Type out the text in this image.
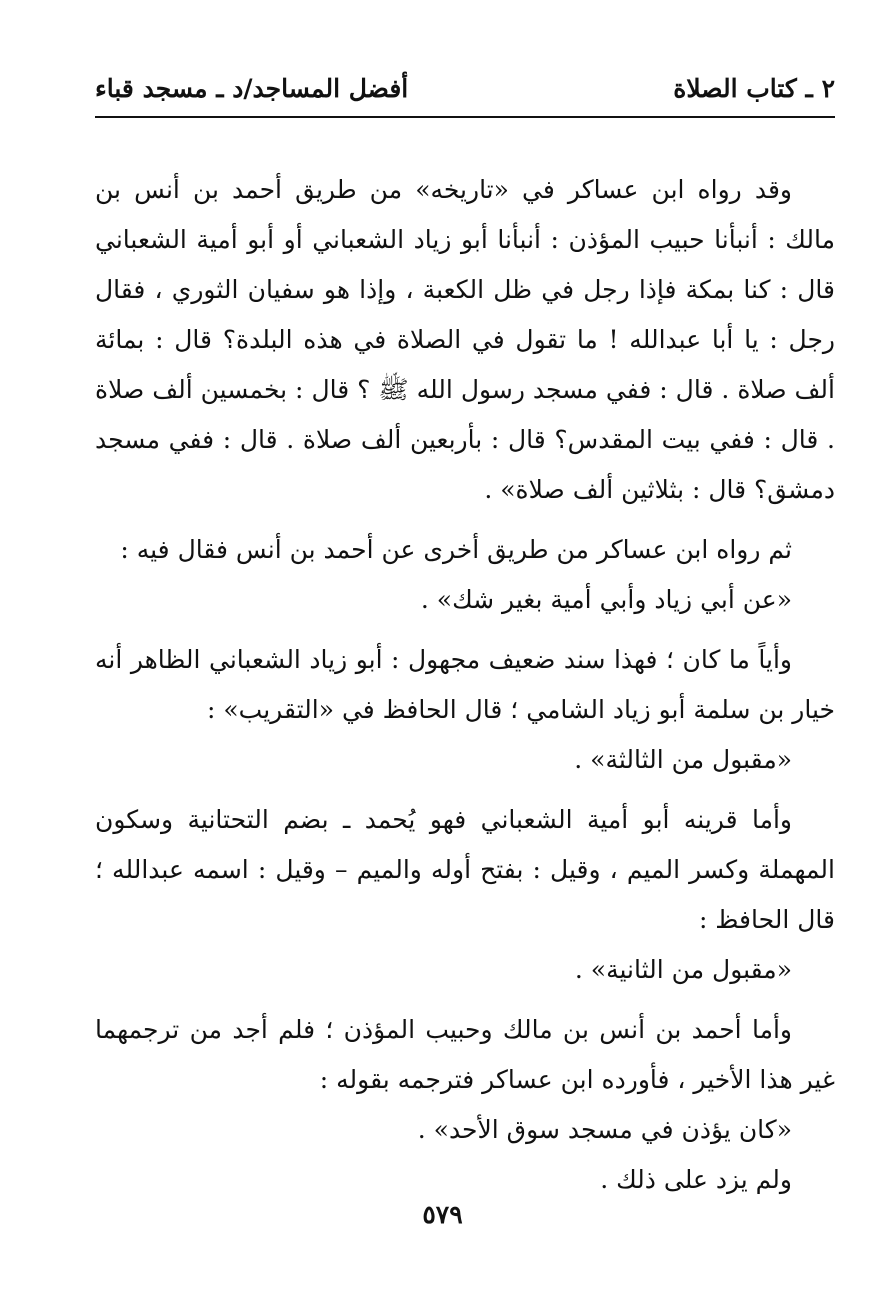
٢ ـ كتاب الصلاة
أفضل المساجد/د ـ مسجد قباء

وقد رواه ابن عساكر في «تاريخه» من طريق أحمد بن أنس بن مالك : أنبأنا حبيب المؤذن : أنبأنا أبو زياد الشعباني أو أبو أمية الشعباني قال : كنا بمكة فإذا رجل في ظل الكعبة ، وإذا هو سفيان الثوري ، فقال رجل : يا أبا عبدالله ! ما تقول في الصلاة في هذه البلدة؟ قال : بمائة ألف صلاة . قال : ففي مسجد رسول الله ﷺ ؟ قال : بخمسين ألف صلاة . قال : ففي بيت المقدس؟ قال : بأربعين ألف صلاة . قال : ففي مسجد دمشق؟ قال : بثلاثين ألف صلاة» .

ثم رواه ابن عساكر من طريق أخرى عن أحمد بن أنس فقال فيه :

«عن أبي زياد وأبي أمية بغير شك» .

وأياً ما كان ؛ فهذا سند ضعيف مجهول : أبو زياد الشعباني الظاهر أنه خيار بن سلمة أبو زياد الشامي ؛ قال الحافظ في «التقريب» :

«مقبول من الثالثة» .

وأما قرينه أبو أمية الشعباني فهو يُحمد ـ بضم التحتانية وسكون المهملة وكسر الميم ، وقيل : بفتح أوله والميم – وقيل : اسمه عبدالله ؛ قال الحافظ :

«مقبول من الثانية» .

وأما أحمد بن أنس بن مالك وحبيب المؤذن ؛ فلم أجد من ترجمهما غير هذا الأخير ، فأورده ابن عساكر فترجمه بقوله :

«كان يؤذن في مسجد سوق الأحد» .

ولم يزد على ذلك .

٥٧٩
